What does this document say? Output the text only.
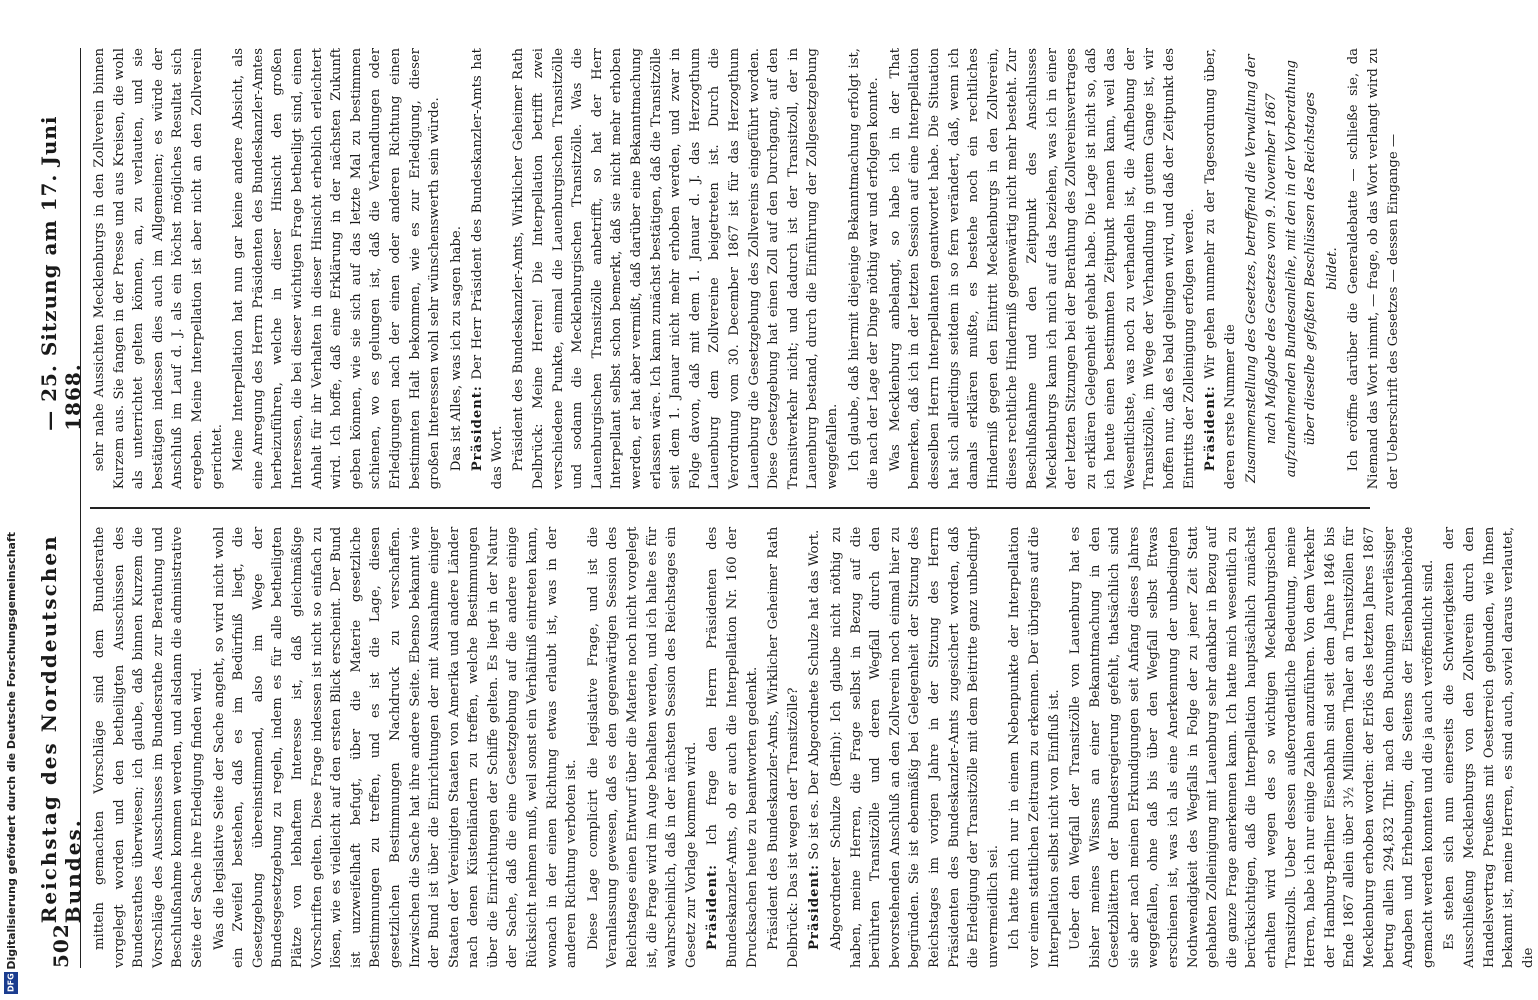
502
Reichstag des Norddeutschen Bundes.
— 25. Sitzung am 17. Juni 1868.

mitteln gemachten Vorschläge sind dem Bundesrathe vorgelegt worden und den betheiligten Ausschüssen des Bundesrathes überwiesen; ich glaube, daß binnen Kurzem die Vorschläge des Ausschusses im Bundesrathe zur Berathung und Beschlußnahme kommen werden, und alsdann die administrative Seite der Sache ihre Erledigung finden wird. Was die legislative Seite der Sache angeht, so wird nicht wohl ein Zweifel bestehen, daß es im Bedürfniß liegt, die Gesetzgebung übereinstimmend, also im Wege der Bundesgesetzgebung zu regeln, indem es für alle betheiligten Plätze von lebhaftem Interesse ist, daß gleichmäßige Vorschriften gelten. Diese Frage indessen ist nicht so einfach zu lösen, wie es vielleicht auf den ersten Blick erscheint. Der Bund ist unzweifelhaft befugt, über die Materie gesetzliche Bestimmungen zu treffen, und es ist die Lage, diesen gesetzlichen Bestimmungen Nachdruck zu verschaffen. Inzwischen die Sache hat ihre andere Seite. Ebenso bekannt wie der Bund ist über die Einrichtungen der mit Ausnahme einiger Staaten der Vereinigten Staaten von Amerika und andere Länder nach denen Küstenländern zu treffen, welche Bestimmungen über die Einrichtungen der Schiffe gelten. Es liegt in der Natur der Sache, daß die eine Gesetzgebung auf die andere einige Rücksicht nehmen muß, weil sonst ein Verhältniß eintreten kann, wonach in der einen Richtung etwas erlaubt ist, was in der anderen Richtung verboten ist. Diese Lage complicirt die legislative Frage, und ist die Veranlassung gewesen, daß es den gegenwärtigen Session des Reichstages einen Entwurf über die Materie noch nicht vorgelegt ist, die Frage wird im Auge behalten werden, und ich halte es für wahrscheinlich, daß in der nächsten Session des Reichstages ein Gesetz zur Vorlage kommen wird. Präsident: Ich frage den Herrn Präsidenten des Bundeskanzler-Amts, ob er auch die Interpellation Nr. 160 der Drucksachen heute zu beantworten gedenkt. Präsident des Bundeskanzler-Amts, Wirklicher Geheimer Rath Delbrück: Das ist wegen der Transitzölle? Präsident: So ist es. Der Abgeordnete Schulze hat das Wort. Abgeordneter Schulze (Berlin): Ich glaube nicht nöthig zu haben, meine Herren, die Frage selbst in Bezug auf die berührten Transitzölle und deren Wegfall durch den bevorstehenden Anschluß an den Zollverein noch einmal hier zu begründen. Sie ist ebenmäßig bei Gelegenheit der Sitzung des Reichstages im vorigen Jahre in der Sitzung des Herrn Präsidenten des Bundeskanzler-Amts zugesichert worden, daß die Erledigung der Transitzölle mit dem Beitritte ganz unbedingt unvermeidlich sei. Ich hatte mich nur in einem Nebenpunkte der Interpellation vor einem stattlichen Zeitraum zu erkennen. Der übrigens auf die Interpellation selbst nicht von Einfluß ist. Ueber den Wegfall der Transitzölle von Lauenburg hat es bisher meines Wissens an einer Bekanntmachung in den Gesetzblättern der Bundesregierung gefehlt, thatsächlich sind sie aber nach meinen Erkundigungen seit Anfang dieses Jahres weggefallen, ohne daß bis über den Wegfall selbst Etwas erschienen ist, was ich als eine Anerkennung der unbedingten Nothwendigkeit des Wegfalls in Folge der zu jener Zeit Statt gehabten Zolleinigung mit Lauenburg sehr dankbar in Bezug auf die ganze Frage anerkennen kann. Ich hatte mich wesentlich zu berücksichtigen, daß die Interpellation hauptsächlich zunächst erhalten wird wegen des so wichtigen Mecklenburgischen Transitzolls. Ueber dessen außerordentliche Bedeutung, meine Herren, habe ich nur einige Zahlen anzuführen. Von dem Verkehr der Hamburg-Berliner Eisenbahn sind seit dem Jahre 1846 bis Ende 1867 allein über 3½ Millionen Thaler an Transitzöllen für Mecklenburg erhoben worden: der Erlös des letzten Jahres 1867 betrug allein 294,832 Thlr. nach den Buchungen zuverlässiger Angaben und Erhebungen, die Seitens der Eisenbahnbehörde gemacht werden konnten und die ja auch veröffentlicht sind. Es stehen sich nun einerseits die Schwierigkeiten der Ausschließung Mecklenburgs von den Zollverein durch den Handelsvertrag Preußens mit Oesterreich gebunden, wie Ihnen bekannt ist, meine Herren, es sind auch, soviel daraus verlautet, die

sehr nahe Aussichten Mecklenburgs in den Zollverein binnen Kurzem aus. Sie fangen in der Presse und aus Kreisen, die wohl als unterrichtet gelten können, an, zu verlauten, und sie bestätigen indessen dies auch im Allgemeinen; es würde der Anschluß im Lauf d. J. als ein höchst mögliches Resultat sich ergeben. Meine Interpellation ist aber nicht an den Zollverein gerichtet. Meine Interpellation hat nun gar keine andere Absicht, als eine Anregung des Herrn Präsidenten des Bundeskanzler-Amtes herbeizuführen, welche in dieser Hinsicht den großen Interessen, die bei dieser wichtigen Frage betheiligt sind, einen Anhalt für ihr Verhalten in dieser Hinsicht erheblich erleichtert wird. Ich hoffe, daß eine Erklärung in der nächsten Zukunft geben können, wie sie sich auf das letzte Mal zu bestimmen schienen, wo es gelungen ist, daß die Verhandlungen oder Erledigungen nach der einen oder anderen Richtung einen bestimmten Halt bekommen, wie es zur Erledigung, dieser großen Interessen wohl sehr wünschenswerth sein würde. Das ist Alles, was ich zu sagen habe. Präsident: Der Herr Präsident des Bundeskanzler-Amts hat das Wort. Präsident des Bundeskanzler-Amts, Wirklicher Geheimer Rath Delbrück: Meine Herren! Die Interpellation betrifft zwei verschiedene Punkte, einmal die Lauenburgischen Transitzölle und sodann die Mecklenburgischen Transitzölle. Was die Lauenburgischen Transitzölle anbetrifft, so hat der Herr Interpellant selbst schon bemerkt, daß sie nicht mehr erhoben werden, er hat aber vermißt, daß darüber eine Bekanntmachung erlassen wäre. Ich kann zunächst bestätigen, daß die Transitzölle seit dem 1. Januar nicht mehr erhoben werden, und zwar in Folge davon, daß mit dem 1. Januar d. J. das Herzogthum Lauenburg dem Zollvereine beigetreten ist. Durch die Verordnung vom 30. December 1867 ist für das Herzogthum Lauenburg die Gesetzgebung des Zollvereins eingeführt worden. Diese Gesetzgebung hat einen Zoll auf den Durchgang, auf den Transitverkehr nicht; und dadurch ist der Transitzoll, der in Lauenburg bestand, durch die Einführung der Zollgesetzgebung weggefallen. Ich glaube, daß hiermit diejenige Bekanntmachung erfolgt ist, die nach der Lage der Dinge nöthig war und erfolgen konnte. Was Mecklenburg anbelangt, so habe ich in der That bemerken, daß ich in der letzten Session auf eine Interpellation desselben Herrn Interpellanten geantwortet habe. Die Situation hat sich allerdings seitdem in so fern verändert, daß, wenn ich damals erklären mußte, es bestehe noch ein rechtliches Hinderniß gegen den Eintritt Mecklenburgs in den Zollverein, dieses rechtliche Hinderniß gegenwärtig nicht mehr besteht. Zur Beschlußnahme und den Zeitpunkt des Anschlusses Mecklenburgs kann ich mich auf das beziehen, was ich in einer der letzten Sitzungen bei der Berathung des Zollvereinsvertrages zu erklären Gelegenheit gehabt habe. Die Lage ist nicht so, daß ich heute einen bestimmten Zeitpunkt nennen kann, weil das Wesentlichste, was noch zu verhandeln ist, die Aufhebung der Transitzölle, im Wege der Verhandlung in gutem Gange ist, wir hoffen nur, daß es bald gelingen wird, und daß der Zeitpunkt des Eintritts der Zolleinigung erfolgen werde. Präsident: Wir gehen nunmehr zu der Tagesordnung über, deren erste Nummer die Zusammenstellung des Gesetzes, betreffend die Verwaltung der nach Maßgabe des Gesetzes vom 9. November 1867 aufzunehmenden Bundesanleihe, mit den in der Vorberathung über dieselbe gefaßten Beschlüssen des Reichstages bildet. Ich eröffne darüber die Generaldebatte — schließe sie, da Niemand das Wort nimmt, — frage, ob das Wort verlangt wird zu der Ueberschrift des Gesetzes — dessen Eingange —

Digitalisierung gefördert durch die Deutsche Forschungsgemeinschaft
DFG
